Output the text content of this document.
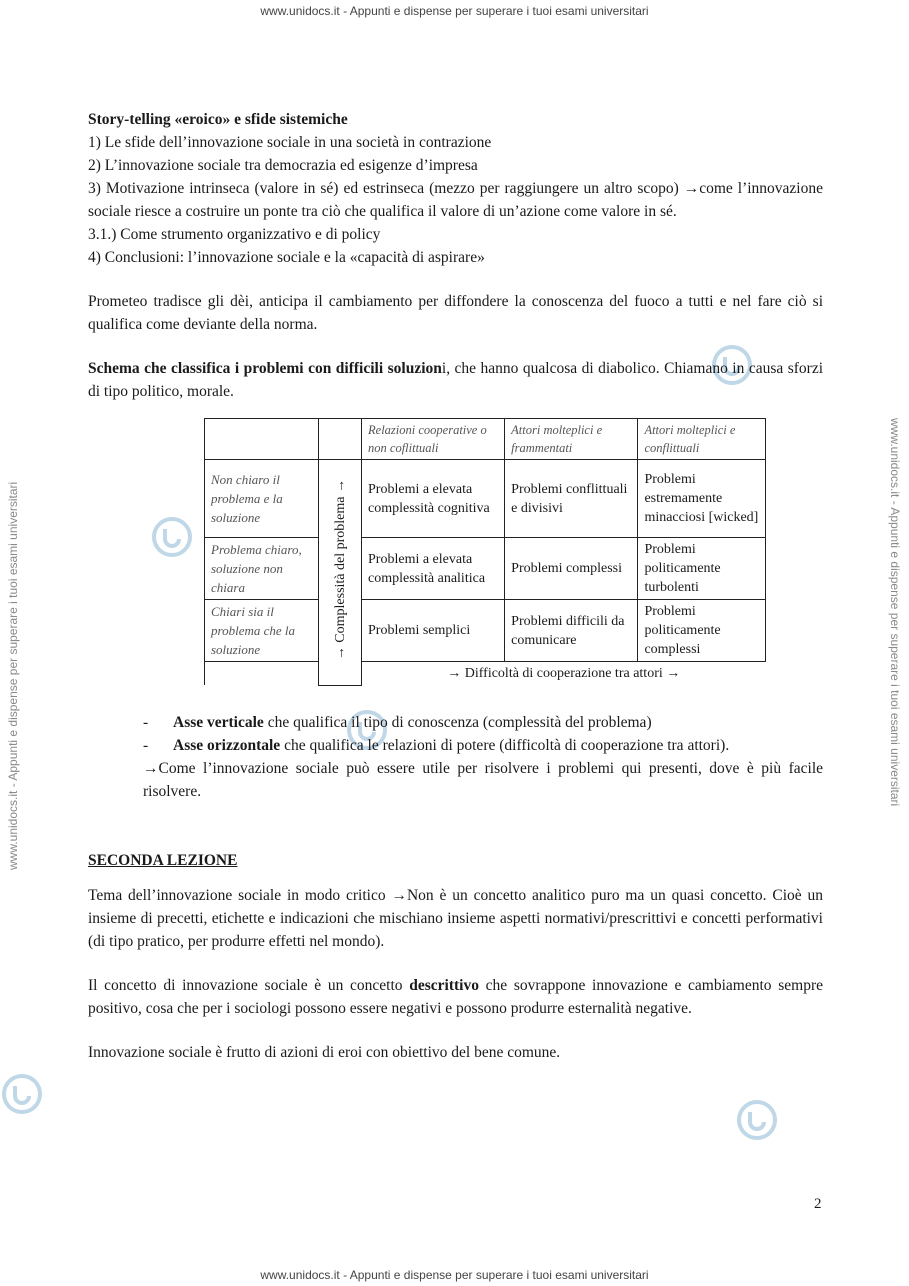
www.unidocs.it - Appunti e dispense per superare i tuoi esami universitari
www.unidocs.it - Appunti e dispense per superare i tuoi esami universitari	www.unidocs.it - Appunti e dispense per superare i tuoi esami universitari

Story-telling «eroico» e sfide sistemiche

1) Le sfide dell’innovazione sociale in una società in contrazione

2) L’innovazione sociale tra democrazia ed esigenze d’impresa

3) Motivazione intrinseca (valore in sé) ed estrinseca (mezzo per raggiungere un altro scopo) →come l’innovazione sociale riesce a costruire un ponte tra ciò che qualifica il valore di un’azione come valore in sé.

3.1.) Come strumento organizzativo e di policy

4) Conclusioni: l’innovazione sociale e la «capacità di aspirare»

Prometeo tradisce gli dèi, anticipa il cambiamento per diffondere la conoscenza del fuoco a tutti e nel fare ciò si qualifica come deviante della norma.

Schema che classifica i problemi con difficili soluzioni, che hanno qualcosa di diabolico. Chiamano in causa sforzi di tipo politico, morale.

		Relazioni cooperative o non coflittuali	Attori molteplici e frammentati	Attori molteplici e conflittuali
Non chiaro il problema e la soluzione	→ Complessità del problema →	Problemi a elevata complessità cognitiva	Problemi conflittuali e divisivi	Problemi estremamente minacciosi [wicked]
Problema chiaro, soluzione non chiara		Problemi a elevata complessità analitica	Problemi complessi	Problemi politicamente turbolenti
Chiari sia il problema che la soluzione		Problemi semplici	Problemi difficili da comunicare	Problemi politicamente complessi
		→ Difficoltà di cooperazione tra attori →		
-	Asse verticale che qualifica il tipo di conoscenza (complessità del problema)
-	Asse orizzontale che qualifica le relazioni di potere (difficoltà di cooperazione tra attori).

→Come l’innovazione sociale può essere utile per risolvere i problemi qui presenti, dove è più facile risolvere.

SECONDA LEZIONE

Tema dell’innovazione sociale in modo critico →Non è un concetto analitico puro ma un quasi concetto. Cioè un insieme di precetti, etichette e indicazioni che mischiano insieme aspetti normativi/prescrittivi e concetti performativi (di tipo pratico, per produrre effetti nel mondo).

Il concetto di innovazione sociale è un concetto descrittivo che sovrappone innovazione e cambiamento sempre positivo, cosa che per i sociologi possono essere negativi e possono produrre esternalità negative.

Innovazione sociale è frutto di azioni di eroi con obiettivo del bene comune.

2
www.unidocs.it - Appunti e dispense per superare i tuoi esami universitari
